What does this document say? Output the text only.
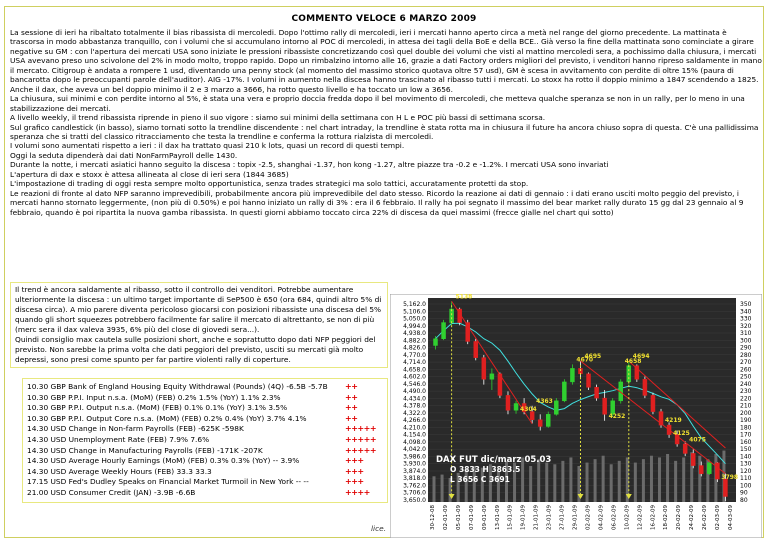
COMMENTO VELOCE 6 MARZO 2009

La sessione di ieri ha ribaltato totalmente il bias ribassista di mercoledi. Dopo l'ottimo rally di mercoledi, ieri i mercati hanno aperto circa a metà nel range del giorno precedente. La mattinata è trascorsa in modo abbastanza tranquillo, con i volumi che si accumulano intorno al POC di mercoledi, in attesa dei tagli della BoE e della BCE.. Già verso la fine della mattinata sono cominciate a girare negative su GM : con l'apertura dei mercati USA sono iniziate le pressioni ribassiste concretizzando così quel double dei volumi che visti al mattino mercoledi sera, a pochissimo dalla chiusura, i mercati USA avevano preso uno scivolone del 2% in modo molto, troppo rapido. Dopo un rimbalzino intorno alle 16, grazie a dati Factory orders migliori del previsto, i venditori hanno ripreso saldamente in mano il mercato. Citigroup è andata a rompere 1 usd, diventando una penny stock (al momento del massimo storico quotava oltre 57 usd), GM è scesa in avvitamento con perdite di oltre 15% (paura di bancarotta dopo le preoccupanti parole dell'auditor). AIG -17%. I volumi in aumento nella discesa hanno trascinato al ribasso tutti i mercati. Lo stoxx ha rotto il doppio minimo a 1847 scendendo a 1825. Anche il dax, che aveva un bel doppio minimo il 2 e 3 marzo a 3666, ha rotto questo livello e ha toccato un low a 3656.

La chiusura, sui minimi e con perdite intorno al 5%, è stata una vera e proprio doccia fredda dopo il bel movimento di mercoledi, che metteva qualche speranza se non in un rally, per lo meno in una stabilizzazione dei mercati.

A livello weekly, il trend ribassista riprende in pieno il suo vigore : siamo sui minimi della settimana con H L e POC più bassi di settimana scorsa.

Sul grafico candlestick (in basso), siamo tornati sotto la trendline discendente : nel chart intraday, la trendline è stata rotta ma in chiusura il future ha ancora chiuso sopra di questa. C'è una pallidissima speranza che si tratti del classico ritracciamento che testa la trendline e conferma la rottura rialzista di mercoledi.

I volumi sono aumentati rispetto a ieri : il dax ha trattato quasi 210 k lots, quasi un record di questi tempi.

Oggi la seduta dipenderà dai dati NonFarmPayroll delle 1430.

Durante la notte, i mercati asiatici hanno seguito la discesa : topix -2.5, shanghai -1.37, hon kong -1.27, altre piazze tra -0.2 e -1.2%. I mercati USA sono invariati

L'apertura di dax e stoxx è attesa allineata al close di ieri sera (1844 3685)

L'impostazione di trading di oggi resta sempre molto opportunistica, senza trades strategici ma solo tattici, accuratamente protetti da stop.

Le reazioni di fronte al dato NFP saranno imprevedibili, probabilmente ancora più imprevedibile del dato stesso. Ricordo la reazione ai dati di gennaio : i dati erano usciti molto peggio del previsto, i mercati hanno stornato leggermente, (non più di 0.50%) e poi hanno iniziato un rally di 3% : era il 6 febbraio. Il rally ha poi segnato il massimo del bear market rally durato 15 gg dal 23 gennaio al 9 febbraio, quando è poi ripartita la nuova gamba ribassista. In questi giorni abbiamo toccato circa 22% di discesa da quei massimi (frecce gialle nel chart qui sotto)

Il trend è ancora saldamente al ribasso, sotto il controllo dei venditori. Potrebbe aumentare ulteriormente la discesa : un ultimo target importante di SeP500 è 650 (ora 684, quindi altro 5% di discesa circa). A mio parere diventa pericoloso giocarsi con posizioni ribassiste una discesa del 5% quando gli short squeezes potrebbero facilmente far salire il mercato di altrettanto, se non di più (merc sera il dax valeva 3935, 6% più del close di giovedi sera...).

Quindi consiglio max cautela sulle posizioni short, anche e soprattutto dopo dati NFP peggiori del previsto. Non sarebbe la prima volta che dati peggiori del previsto, usciti su mercati già molto depressi, sono presi come spunto per far partire violenti rally di coperture.

10.30 GBP Bank of England Housing Equity Withdrawal (Pounds) (4Q) -6.5B -5.7B	++
10.30 GBP P.P.I. Input n.s.a. (MoM) (FEB) 0.2% 1.5% (YoY) 1.1% 2.3%	++
10.30 GBP P.P.I. Output n.s.a. (MoM) (FEB) 0.1% 0.1% (YoY) 3.1% 3.5%	++
10.30 GBP P.P.I. Output Core n.s.a. (MoM) (FEB) 0.2% 0.4% (YoY) 3.7% 4.1%	++
14.30 USD Change in Non-farm Payrolls (FEB) -625K -598K	+++++
14.30 USD Unemployment Rate (FEB) 7.9% 7.6%	+++++
14.30 USD Change in Manufacturing Payrolls (FEB) -171K -207K	+++++
14.30 USD Average Hourly Earnings (MoM) (FEB) 0.3% 0.3% (YoY) -- 3.9%	+++
14.30 USD Average Weekly Hours (FEB) 33.3 33.3	+++
17.15 USD Fed's Dudley Speaks on Financial Market Turmoil in New York -- --	+++
21.00 USD Consumer Credit (JAN) -3.9B -6.6B	++++
lice.
5,162.0
5,106.0
5,050.0
4,994.0
4,938.0
4,882.0
4,826.0
4,770.0
4,714.0
4,658.0
4,602.0
4,546.0
4,490.0
4,434.0
4,378.0
4,322.0
4,266.0
4,210.0
4,154.0
4,098.0
4,042.0
3,986.0
3,930.0
3,874.0
3,818.0
3,762.0
3,706.0
3,650.0
350
340
330
320
310
300
290
280
270
260
250
240
230
220
210
200
190
180
170
160
150
140
130
120
110
100
90
80
30-12-08 02-01-09 05-01-09 07-01-09 09-01-09 13-01-09 15-01-09 19-01-09 21-01-09 23-01-09 27-01-09 29-01-09 02-02-09 04-02-09 06-02-09 10-02-09 12-02-09 16-02-09 18-02-09 20-02-09 24-02-09 26-02-09 02-03-09 04-03-09
5138
4695	4694
4670	4658
4363
4304
4252
4219
4125
4075
3798
DAX FUT dic/marz 05.03
O 3833 H 3863.5
L 3656 C 3691
